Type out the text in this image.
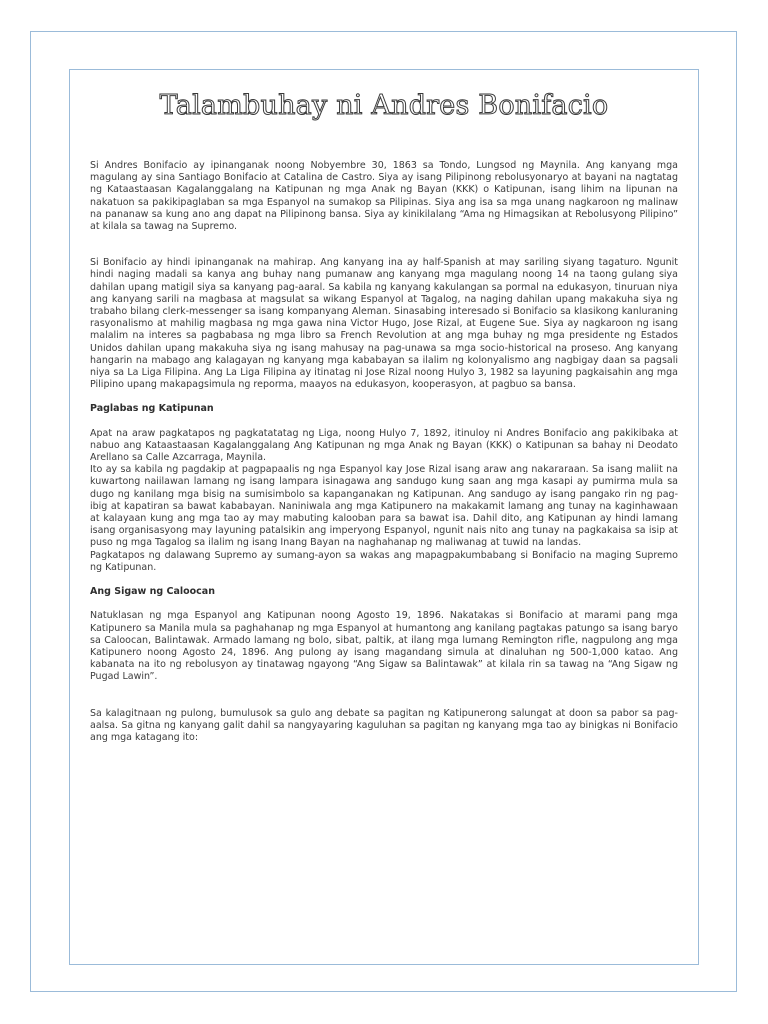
Talambuhay ni Andres Bonifacio

Si Andres Bonifacio ay ipinanganak noong Nobyembre 30, 1863 sa Tondo, Lungsod ng Maynila. Ang kanyang mga magulang ay sina Santiago Bonifacio at Catalina de Castro. Siya ay isang Pilipinong rebolusyonaryo at bayani na nagtatag ng Kataastaasan Kagalanggalang na Katipunan ng mga Anak ng Bayan (KKK) o Katipunan, isang lihim na lipunan na nakatuon sa pakikipaglaban sa mga Espanyol na sumakop sa Pilipinas. Siya ang isa sa mga unang nagkaroon ng malinaw na pananaw sa kung ano ang dapat na Pilipinong bansa. Siya ay kinikilalang “Ama ng Himagsikan at Rebolusyong Pilipino” at kilala sa tawag na Supremo.

Si Bonifacio ay hindi ipinanganak na mahirap. Ang kanyang ina ay half-Spanish at may sariling siyang tagaturo. Ngunit hindi naging madali sa kanya ang buhay nang pumanaw ang kanyang mga magulang noong 14 na taong gulang siya dahilan upang matigil siya sa kanyang pag-aaral. Sa kabila ng kanyang kakulangan sa pormal na edukasyon, tinuruan niya ang kanyang sarili na magbasa at magsulat sa wikang Espanyol at Tagalog, na naging dahilan upang makakuha siya ng trabaho bilang clerk-messenger sa isang kompanyang Aleman. Sinasabing interesado si Bonifacio sa klasikong kanluraning rasyonalismo at mahilig magbasa ng mga gawa nina Victor Hugo, Jose Rizal, at Eugene Sue. Siya ay nagkaroon ng isang malalim na interes sa pagbabasa ng mga libro sa French Revolution at ang mga buhay ng mga presidente ng Estados Unidos dahilan upang makakuha siya ng isang mahusay na pag-unawa sa mga socio-historical na proseso. Ang kanyang hangarin na mabago ang kalagayan ng kanyang mga kababayan sa ilalim ng kolonyalismo ang nagbigay daan sa pagsali niya sa La Liga Filipina. Ang La Liga Filipina ay itinatag ni Jose Rizal noong Hulyo 3, 1982 sa layuning pagkaisahin ang mga Pilipino upang makapagsimula ng reporma, maayos na edukasyon, kooperasyon, at pagbuo sa bansa.

Paglabas ng Katipunan

Apat na araw pagkatapos ng pagkatatatag ng Liga, noong Hulyo 7, 1892, itinuloy ni Andres Bonifacio ang pakikibaka at nabuo ang Kataastaasan Kagalanggalang Ang Katipunan ng mga Anak ng Bayan (KKK) o Katipunan sa bahay ni Deodato Arellano sa Calle Azcarraga, Maynila.

Ito ay sa kabila ng pagdakip at pagpapaalis ng nga Espanyol kay Jose Rizal isang araw ang nakararaan. Sa isang maliit na kuwartong naiilawan lamang ng isang lampara isinagawa ang sandugo kung saan ang mga kasapi ay pumirma mula sa dugo ng kanilang mga bisig na sumisimbolo sa kapanganakan ng Katipunan. Ang sandugo ay isang pangako rin ng pag-ibig at kapatiran sa bawat kababayan. Naniniwala ang mga Katipunero na makakamit lamang ang tunay na kaginhawaan at kalayaan kung ang mga tao ay may mabuting kalooban para sa bawat isa. Dahil dito, ang Katipunan ay hindi lamang isang organisasyong may layuning patalsikin ang imperyong Espanyol, ngunit nais nito ang tunay na pagkakaisa sa isip at puso ng mga Tagalog sa ilalim ng isang Inang Bayan na naghahanap ng maliwanag at tuwid na landas.

Pagkatapos ng dalawang Supremo ay sumang-ayon sa wakas ang mapagpakumbabang si Bonifacio na maging Supremo ng Katipunan.

Ang Sigaw ng Caloocan

Natuklasan ng mga Espanyol ang Katipunan noong Agosto 19, 1896. Nakatakas si Bonifacio at marami pang mga Katipunero sa Manila mula sa paghahanap ng mga Espanyol at humantong ang kanilang pagtakas patungo sa isang baryo sa Caloocan, Balintawak. Armado lamang ng bolo, sibat, paltik, at ilang mga lumang Remington rifle, nagpulong ang mga Katipunero noong Agosto 24, 1896. Ang pulong ay isang magandang simula at dinaluhan ng 500-1,000 katao. Ang kabanata na ito ng rebolusyon ay tinatawag ngayong “Ang Sigaw sa Balintawak” at kilala rin sa tawag na “Ang Sigaw ng Pugad Lawin”.

Sa kalagitnaan ng pulong, bumulusok sa gulo ang debate sa pagitan ng Katipunerong salungat at doon sa pabor sa pag-aalsa. Sa gitna ng kanyang galit dahil sa nangyayaring kaguluhan sa pagitan ng kanyang mga tao ay binigkas ni Bonifacio ang mga katagang ito:
